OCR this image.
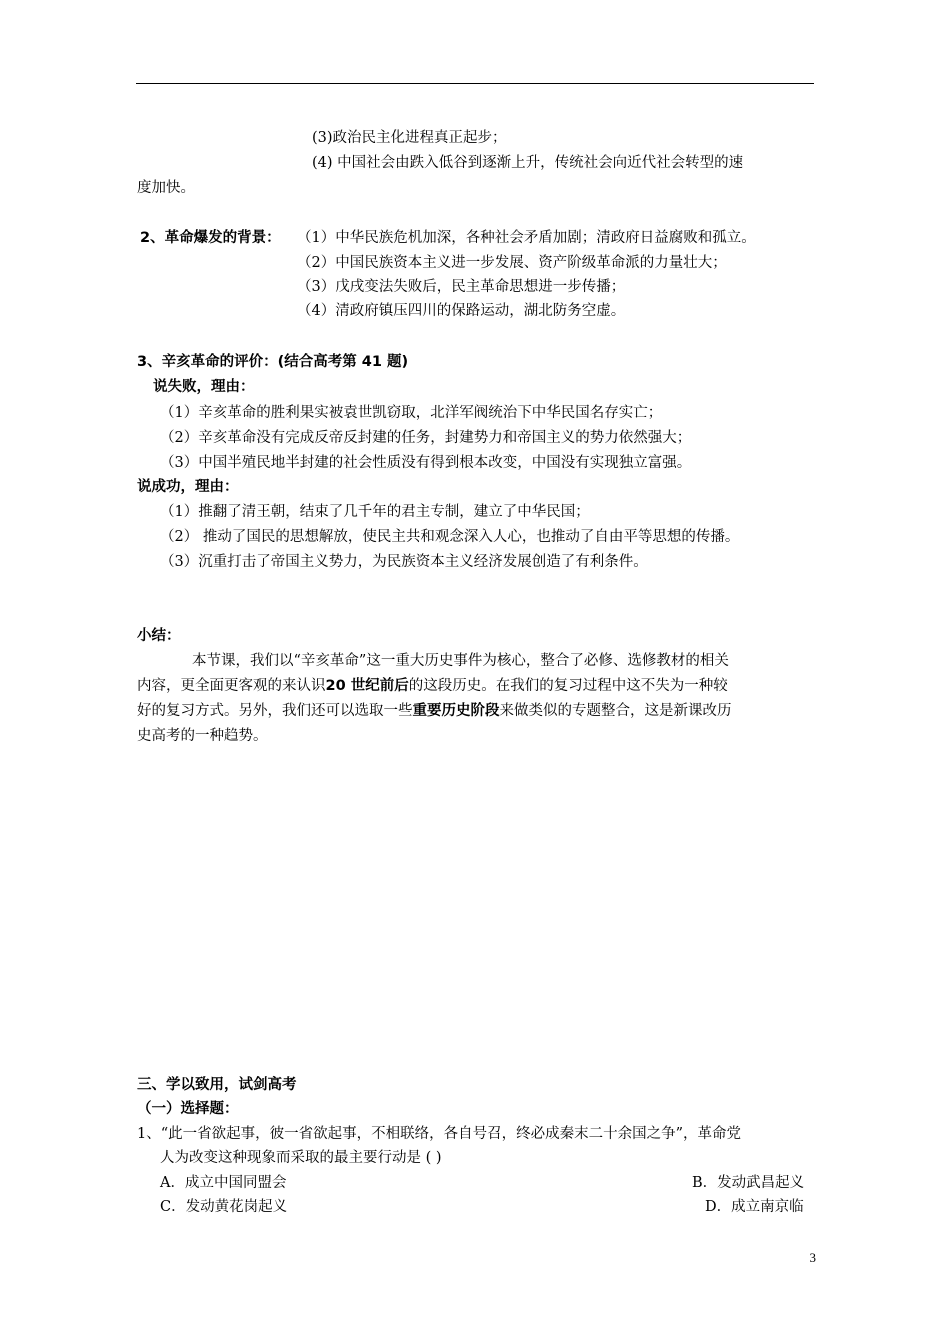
(3)政治民主化进程真正起步；
(4) 中国社会由跌入低谷到逐渐上升，传统社会向近代社会转型的速
度加快。
2、革命爆发的背景： （1）中华民族危机加深，各种社会矛盾加剧；清政府日益腐败和孤立。
（2）中国民族资本主义进一步发展、资产阶级革命派的力量壮大；
（3）戊戌变法失败后，民主革命思想进一步传播；
（4）清政府镇压四川的保路运动，湖北防务空虚。
3、辛亥革命的评价：(结合高考第 41 题)
说失败，理由：
（1）辛亥革命的胜利果实被袁世凯窃取，北洋军阀统治下中华民国名存实亡；
（2）辛亥革命没有完成反帝反封建的任务，封建势力和帝国主义的势力依然强大；
（3）中国半殖民地半封建的社会性质没有得到根本改变，中国没有实现独立富强。
说成功，理由：
（1）推翻了清王朝，结束了几千年的君主专制，建立了中华民国；
（2） 推动了国民的思想解放，使民主共和观念深入人心，也推动了自由平等思想的传播。
（3）沉重打击了帝国主义势力，为民族资本主义经济发展创造了有利条件。
小结：
本节课，我们以“辛亥革命”这一重大历史事件为核心，整合了必修、选修教材的相关
内容，更全面更客观的来认识20 世纪前后的这段历史。在我们的复习过程中这不失为一种较
好的复习方式。另外，我们还可以选取一些重要历史阶段来做类似的专题整合，这是新课改历
史高考的一种趋势。
三、学以致用，试剑高考
（一）选择题：
1、“此一省欲起事，彼一省欲起事，不相联络，各自号召，终必成秦末二十余国之争”，革命党
人为改变这种现象而采取的最主要行动是 ( )
A．成立中国同盟会	B．发动武昌起义
C．发动黄花岗起义	D．成立南京临
3
